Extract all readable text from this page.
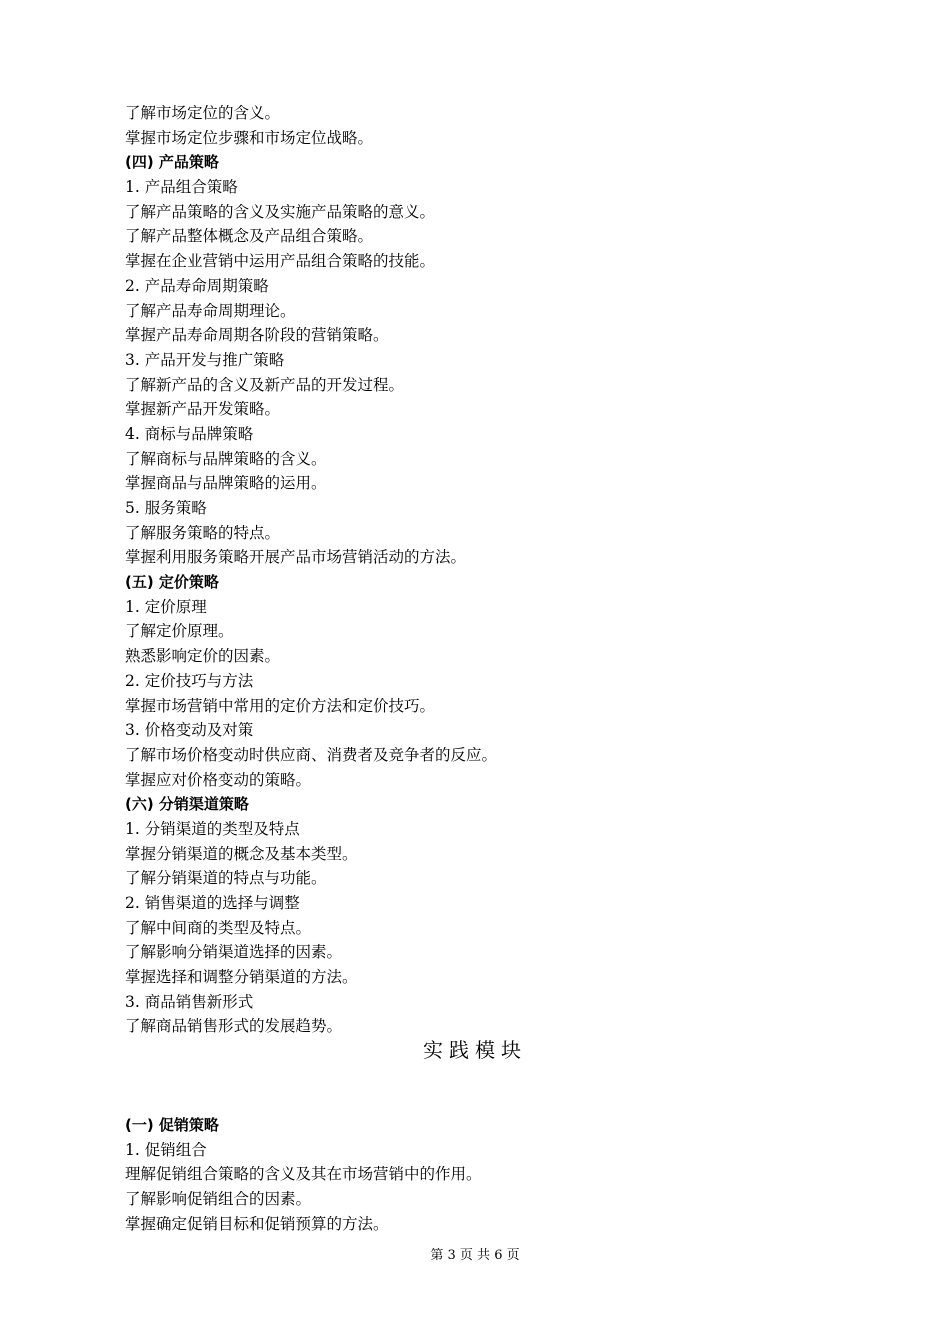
了解市场定位的含义。
掌握市场定位步骤和市场定位战略。
(四) 产品策略
1. 产品组合策略
了解产品策略的含义及实施产品策略的意义。
了解产品整体概念及产品组合策略。
掌握在企业营销中运用产品组合策略的技能。
2. 产品寿命周期策略
了解产品寿命周期理论。
掌握产品寿命周期各阶段的营销策略。
3. 产品开发与推广策略
了解新产品的含义及新产品的开发过程。
掌握新产品开发策略。
4. 商标与品牌策略
了解商标与品牌策略的含义。
掌握商品与品牌策略的运用。
5. 服务策略
了解服务策略的特点。
掌握利用服务策略开展产品市场营销活动的方法。
(五) 定价策略
1. 定价原理
了解定价原理。
熟悉影响定价的因素。
2. 定价技巧与方法
掌握市场营销中常用的定价方法和定价技巧。
3. 价格变动及对策
了解市场价格变动时供应商、消费者及竞争者的反应。
掌握应对价格变动的策略。
(六) 分销渠道策略
1. 分销渠道的类型及特点
掌握分销渠道的概念及基本类型。
了解分销渠道的特点与功能。
2. 销售渠道的选择与调整
了解中间商的类型及特点。
了解影响分销渠道选择的因素。
掌握选择和调整分销渠道的方法。
3. 商品销售新形式
了解商品销售形式的发展趋势。
实践模块
(一) 促销策略
1. 促销组合
理解促销组合策略的含义及其在市场营销中的作用。
了解影响促销组合的因素。
掌握确定促销目标和促销预算的方法。
第 3 页 共 6 页
